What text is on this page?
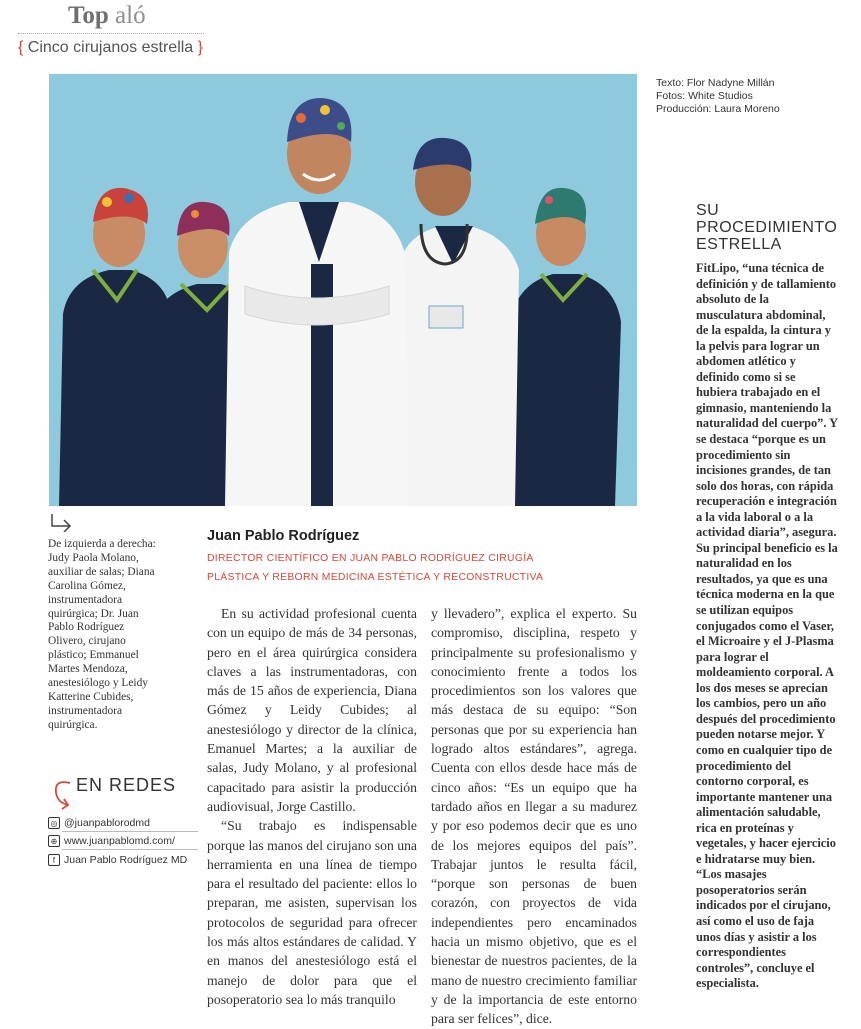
Top aló
{ Cinco cirujanos estrella }
Texto: Flor Nadyne Millán
Fotos: White Studios
Producción: Laura Moreno
De izquierda a derecha: Judy Paola Molano, auxiliar de salas; Diana Carolina Gómez, instrumentadora quirúrgica; Dr. Juan Pablo Rodríguez Olivero, cirujano plástico; Emmanuel Martes Mendoza, anestesiólogo y Leidy Katterine Cubides, instrumentadora quirúrgica.
EN REDES
◎ @juanpablorodmd
⊕ www.juanpablomd.com/
f Juan Pablo Rodríguez MD
Juan Pablo Rodríguez
DIRECTOR CIENTÍFICO EN JUAN PABLO RODRÍGUEZ CIRUGÍA PLÁSTICA Y REBORN MEDICINA ESTÉTICA Y RECONSTRUCTIVA

En su actividad profesional cuenta con un equipo de más de 34 personas, pero en el área quirúrgica considera claves a las instrumentadoras, con más de 15 años de experiencia, Diana Gómez y Leidy Cubides; al anestesiólogo y director de la clínica, Emanuel Martes; a la auxiliar de salas, Judy Molano, y al profesional capacitado para asistir la producción audiovisual, Jorge Castillo.

“Su trabajo es indispensable porque las manos del cirujano son una herramienta en una línea de tiempo para el resultado del paciente: ellos lo preparan, me asisten, supervisan los protocolos de seguridad para ofrecer los más altos estándares de calidad. Y en manos del anestesiólogo está el manejo de dolor para que el posoperatorio sea lo más tranquilo

y llevadero”, explica el experto. Su compromiso, disciplina, respeto y principalmente su profesionalismo y conocimiento frente a todos los procedimientos son los valores que más destaca de su equipo: “Son personas que por su experiencia han logrado altos estándares”, agrega. Cuenta con ellos desde hace más de cinco años: “Es un equipo que ha tardado años en llegar a su madurez y por eso podemos decir que es uno de los mejores equipos del país”. Trabajar juntos le resulta fácil, “porque son personas de buen corazón, con proyectos de vida independientes pero encaminados hacia un mismo objetivo, que es el bienestar de nuestros pacientes, de la mano de nuestro crecimiento familiar y de la importancia de este entorno para ser felices”, dice.

SU PROCEDIMIENTO ESTRELLA
FitLipo, “una técnica de definición y de tallamiento absoluto de la musculatura abdominal, de la espalda, la cintura y la pelvis para lograr un abdomen atlético y definido como si se hubiera trabajado en el gimnasio, manteniendo la naturalidad del cuerpo”. Y se destaca “porque es un procedimiento sin incisiones grandes, de tan solo dos horas, con rápida recuperación e integración a la vida laboral o a la actividad diaria”, asegura. Su principal beneficio es la naturalidad en los resultados, ya que es una técnica moderna en la que se utilizan equipos conjugados como el Vaser, el Microaire y el J-Plasma para lograr el moldeamiento corporal. A los dos meses se aprecian los cambios, pero un año después del procedimiento pueden notarse mejor. Y como en cualquier tipo de procedimiento del contorno corporal, es importante mantener una alimentación saludable, rica en proteínas y vegetales, y hacer ejercicio e hidratarse muy bien. “Los masajes posoperatorios serán indicados por el cirujano, así como el uso de faja unos días y asistir a los correspondientes controles”, concluye el especialista.
